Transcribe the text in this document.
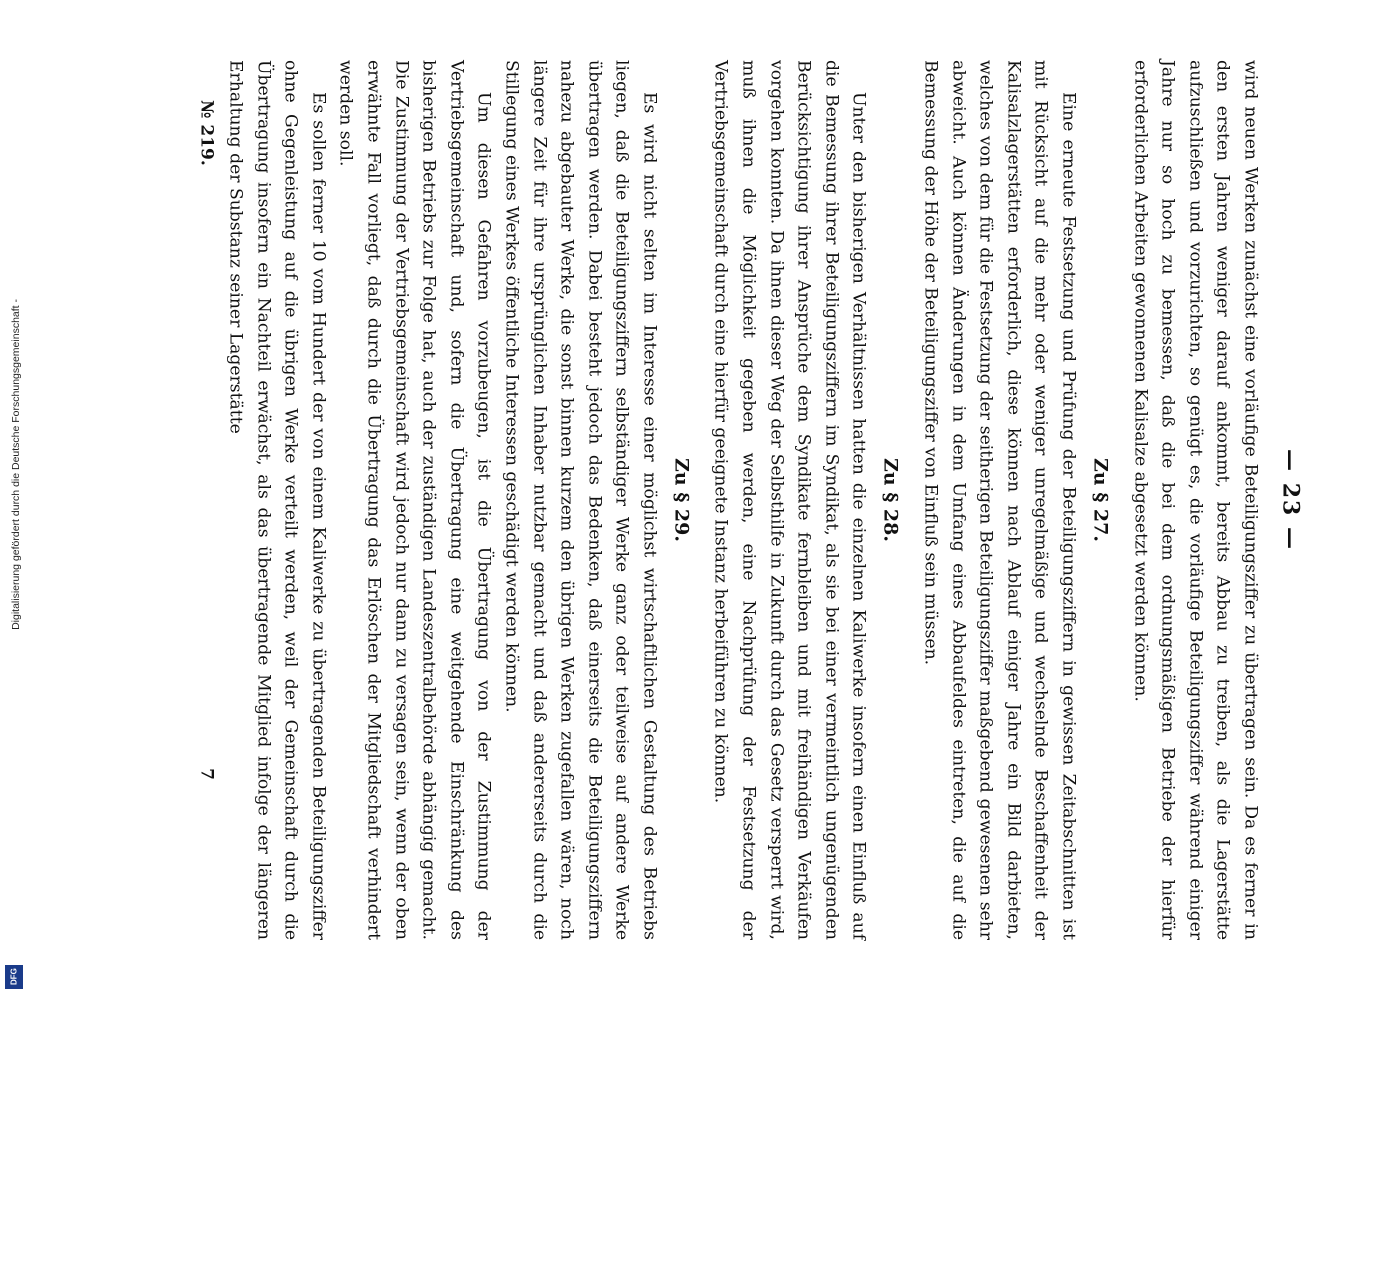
Digitalisierung gefördert durch die Deutsche Forschungsgemeinschaft -
DFG
— 23 —

wird neuen Werken zunächst eine vorläufige Beteiligungsziffer zu übertragen sein. Da es ferner in den ersten Jahren weniger darauf ankommt, bereits Abbau zu treiben, als die Lagerstätte aufzuschließen und vorzurichten, so genügt es, die vorläufige Beteiligungsziffer während einiger Jahre nur so hoch zu bemessen, daß die bei dem ordnungsmäßigen Betriebe der hierfür erforderlichen Arbeiten gewonnenen Kalisalze abgesetzt werden können.

Zu § 27.

Eine erneute Festsetzung und Prüfung der Beteiligungsziffern in gewissen Zeitabschnitten ist mit Rücksicht auf die mehr oder weniger unregelmäßige und wechselnde Beschaffenheit der Kalisalzlagerstätten erforderlich, diese können nach Ablauf einiger Jahre ein Bild darbieten, welches von dem für die Festsetzung der seitherigen Beteiligungsziffer maßgebend gewesenen sehr abweicht. Auch können Änderungen in dem Umfang eines Abbaufeldes eintreten, die auf die Bemessung der Höhe der Beteiligungsziffer von Einfluß sein müssen.

Zu § 28.

Unter den bisherigen Verhältnissen hatten die einzelnen Kaliwerke insofern einen Einfluß auf die Bemessung ihrer Beteiligungsziffern im Syndikat, als sie bei einer vermeintlich ungenügenden Berücksichtigung ihrer Ansprüche dem Syndikate fernbleiben und mit freihändigen Verkäufen vorgehen konnten. Da ihnen dieser Weg der Selbsthilfe in Zukunft durch das Gesetz versperrt wird, muß ihnen die Möglichkeit gegeben werden, eine Nachprüfung der Festsetzung der Vertriebsgemeinschaft durch eine hierfür geeignete Instanz herbeiführen zu können.

Zu § 29.

Es wird nicht selten im Interesse einer möglichst wirtschaftlichen Gestaltung des Betriebs liegen, daß die Beteiligungsziffern selbständiger Werke ganz oder teilweise auf andere Werke übertragen werden. Dabei besteht jedoch das Bedenken, daß einerseits die Beteiligungsziffern nahezu abgebauter Werke, die sonst binnen kurzem den übrigen Werken zugefallen wären, noch längere Zeit für ihre ursprünglichen Inhaber nutzbar gemacht und daß andererseits durch die Stillegung eines Werkes öffentliche Interessen geschädigt werden können.

Um diesen Gefahren vorzubeugen, ist die Übertragung von der Zustimmung der Vertriebsgemeinschaft und, sofern die Übertragung eine weitgehende Einschränkung des bisherigen Betriebs zur Folge hat, auch der zuständigen Landeszentralbehörde abhängig gemacht. Die Zustimmung der Vertriebsgemeinschaft wird jedoch nur dann zu versagen sein, wenn der oben erwähnte Fall vorliegt, daß durch die Übertragung das Erlöschen der Mitgliedschaft verhindert werden soll.

Es sollen ferner 10 vom Hundert der von einem Kaliwerke zu übertragenden Beteiligungsziffer ohne Gegenleistung auf die übrigen Werke verteilt werden, weil der Gemeinschaft durch die Übertragung insofern ein Nachteil erwächst, als das übertragende Mitglied infolge der längeren Erhaltung der Substanz seiner Lagerstätte

№ 219.
7
